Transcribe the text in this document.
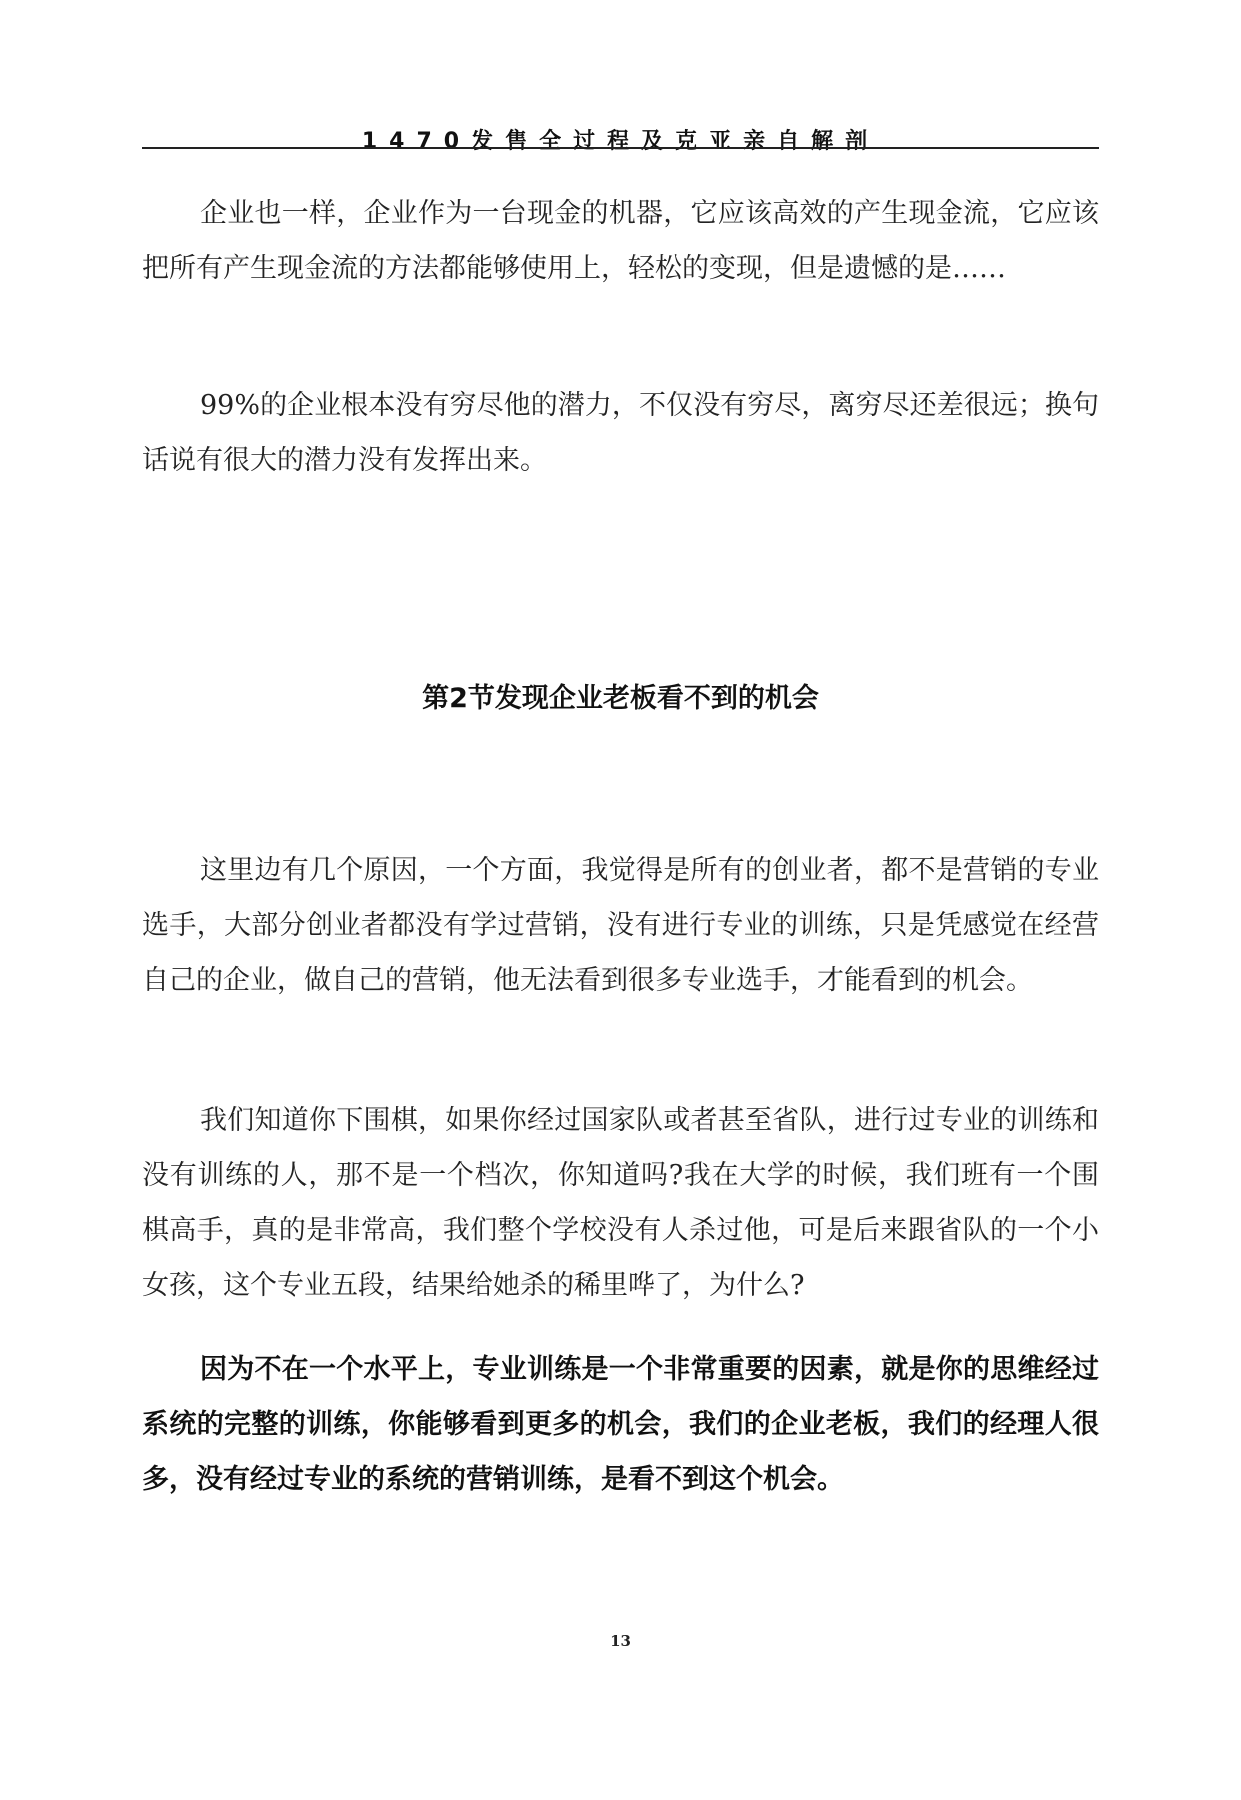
1470发售全过程及克亚亲自解剖

企业也一样，企业作为一台现金的机器，它应该高效的产生现金流，它应该把所有产生现金流的方法都能够使用上，轻松的变现，但是遗憾的是……

99%的企业根本没有穷尽他的潜力，不仅没有穷尽，离穷尽还差很远；换句话说有很大的潜力没有发挥出来。

第2节发现企业老板看不到的机会

这里边有几个原因，一个方面，我觉得是所有的创业者，都不是营销的专业选手，大部分创业者都没有学过营销，没有进行专业的训练，只是凭感觉在经营自己的企业，做自己的营销，他无法看到很多专业选手，才能看到的机会。

我们知道你下围棋，如果你经过国家队或者甚至省队，进行过专业的训练和没有训练的人，那不是一个档次，你知道吗?我在大学的时候，我们班有一个围棋高手，真的是非常高，我们整个学校没有人杀过他，可是后来跟省队的一个小女孩，这个专业五段，结果给她杀的稀里哗了，为什么?

因为不在一个水平上，专业训练是一个非常重要的因素，就是你的思维经过系统的完整的训练，你能够看到更多的机会，我们的企业老板，我们的经理人很多，没有经过专业的系统的营销训练，是看不到这个机会。

13
